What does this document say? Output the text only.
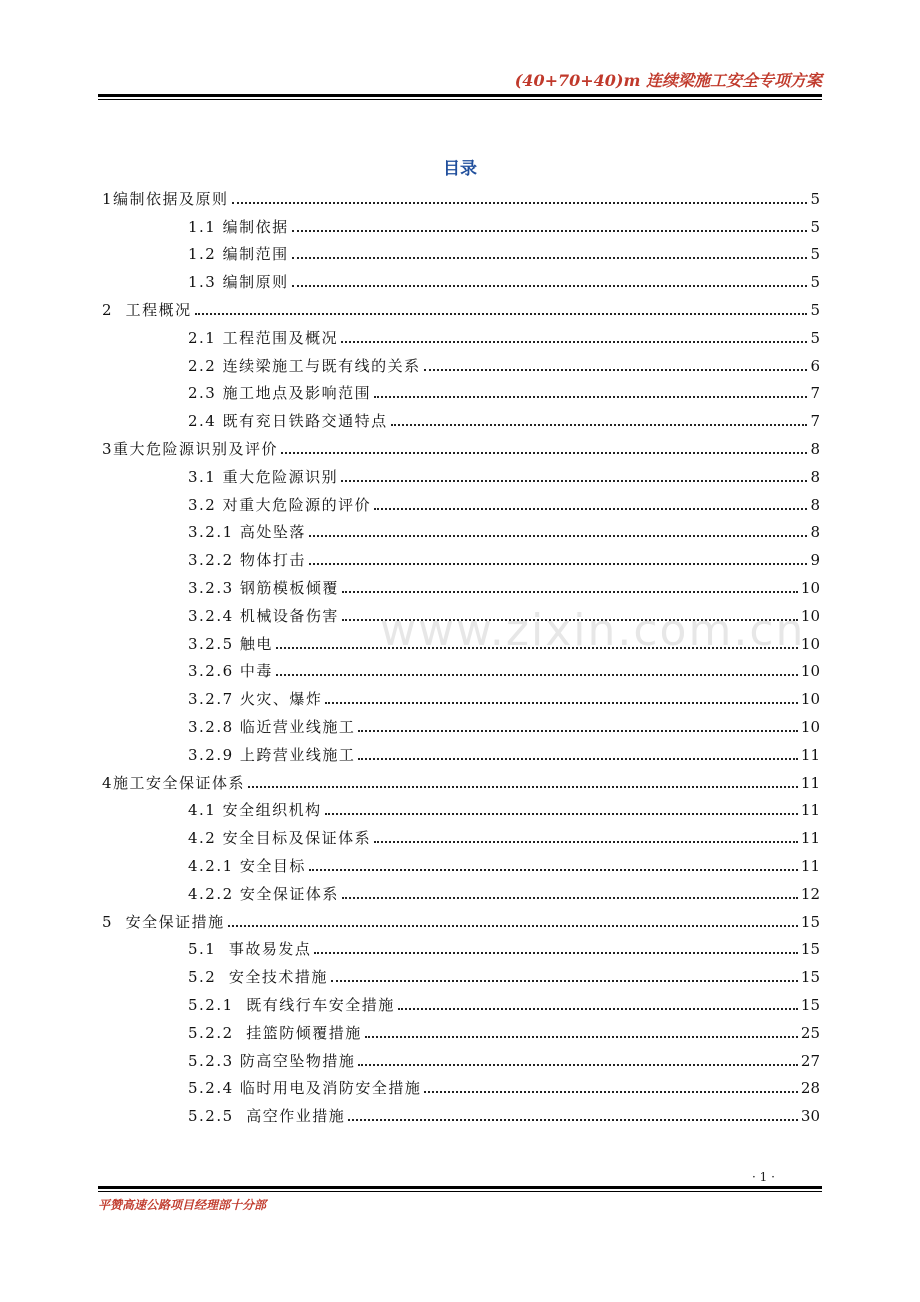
(40+70+40)m 连续梁施工安全专项方案
目录
1编制依据及原则	5
1.1 编制依据	5
1.2 编制范围	5
1.3 编制原则	5
2  工程概况	5
2.1 工程范围及概况	5
2.2 连续梁施工与既有线的关系	6
2.3 施工地点及影响范围	7
2.4 既有兖日铁路交通特点	7
3重大危险源识别及评价	8
3.1 重大危险源识别	8
3.2 对重大危险源的评价	8
3.2.1 高处坠落	8
3.2.2 物体打击	9
3.2.3 钢筋模板倾覆	10
3.2.4 机械设备伤害	10
3.2.5 触电	10
3.2.6 中毒	10
3.2.7 火灾、爆炸	10
3.2.8 临近营业线施工	10
3.2.9 上跨营业线施工	11
4施工安全保证体系	11
4.1 安全组织机构	11
4.2 安全目标及保证体系	11
4.2.1 安全目标	11
4.2.2 安全保证体系	12
5  安全保证措施	15
5.1  事故易发点	15
5.2  安全技术措施	15
5.2.1  既有线行车安全措施	15
5.2.2  挂篮防倾覆措施	25
5.2.3 防高空坠物措施	27
5.2.4 临时用电及消防安全措施	28
5.2.5  高空作业措施	30
www.zixin.com.cn
· 1 ·
平赞高速公路项目经理部十分部
